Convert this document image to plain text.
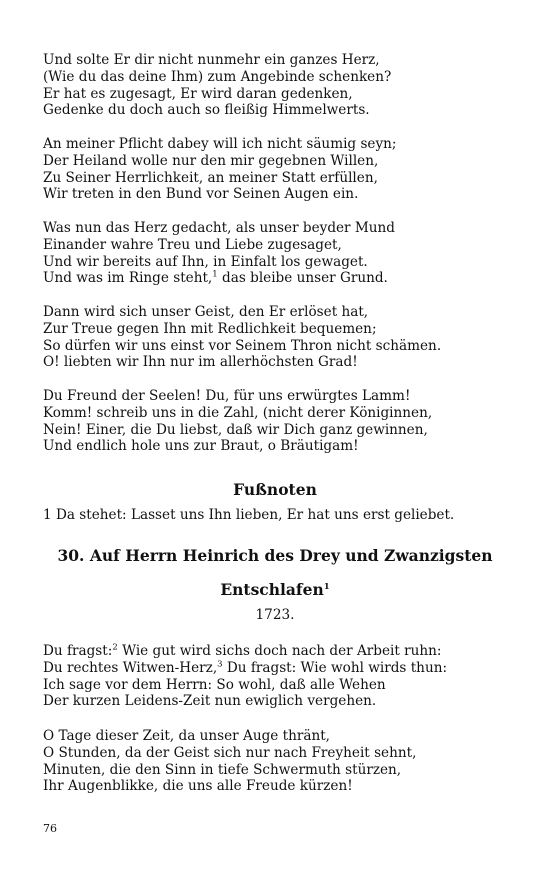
Und solte Er dir nicht nunmehr ein ganzes Herz,
(Wie du das deine Ihm) zum Angebinde schenken?
Er hat es zugesagt, Er wird daran gedenken,
Gedenke du doch auch so fleißig Himmelwerts.
An meiner Pflicht dabey will ich nicht säumig seyn;
Der Heiland wolle nur den mir gegebnen Willen,
Zu Seiner Herrlichkeit, an meiner Statt erfüllen,
Wir treten in den Bund vor Seinen Augen ein.
Was nun das Herz gedacht, als unser beyder Mund
Einander wahre Treu und Liebe zugesaget,
Und wir bereits auf Ihn, in Einfalt los gewaget.
Und was im Ringe steht,$^1$ das bleibe unser Grund.
Dann wird sich unser Geist, den Er erlöset hat,
Zur Treue gegen Ihn mit Redlichkeit bequemen;
So dürfen wir uns einst vor Seinem Thron nicht schämen.
O! liebten wir Ihn nur im allerhöchsten Grad!
Du Freund der Seelen! Du, für uns erwürgtes Lamm!
Komm! schreib uns in die Zahl, (nicht derer Königinnen,
Nein! Einer, die Du liebst, daß wir Dich ganz gewinnen,
Und endlich hole uns zur Braut, o Bräutigam!
Fußnoten
1 Da stehet: Lasset uns Ihn lieben, Er hat uns erst geliebet.
30. Auf Herrn Heinrich des Drey und Zwanzigsten
Entschlafen$^1$
1723.
Du fragst:$^2$ Wie gut wird sichs doch nach der Arbeit ruhn:
Du rechtes Witwen-Herz,$^3$ Du fragst: Wie wohl wirds thun:
Ich sage vor dem Herrn: So wohl, daß alle Wehen
Der kurzen Leidens-Zeit nun ewiglich vergehen.
O Tage dieser Zeit, da unser Auge thränt,
O Stunden, da der Geist sich nur nach Freyheit sehnt,
Minuten, die den Sinn in tiefe Schwermuth stürzen,
Ihr Augenblikke, die uns alle Freude kürzen!
76
